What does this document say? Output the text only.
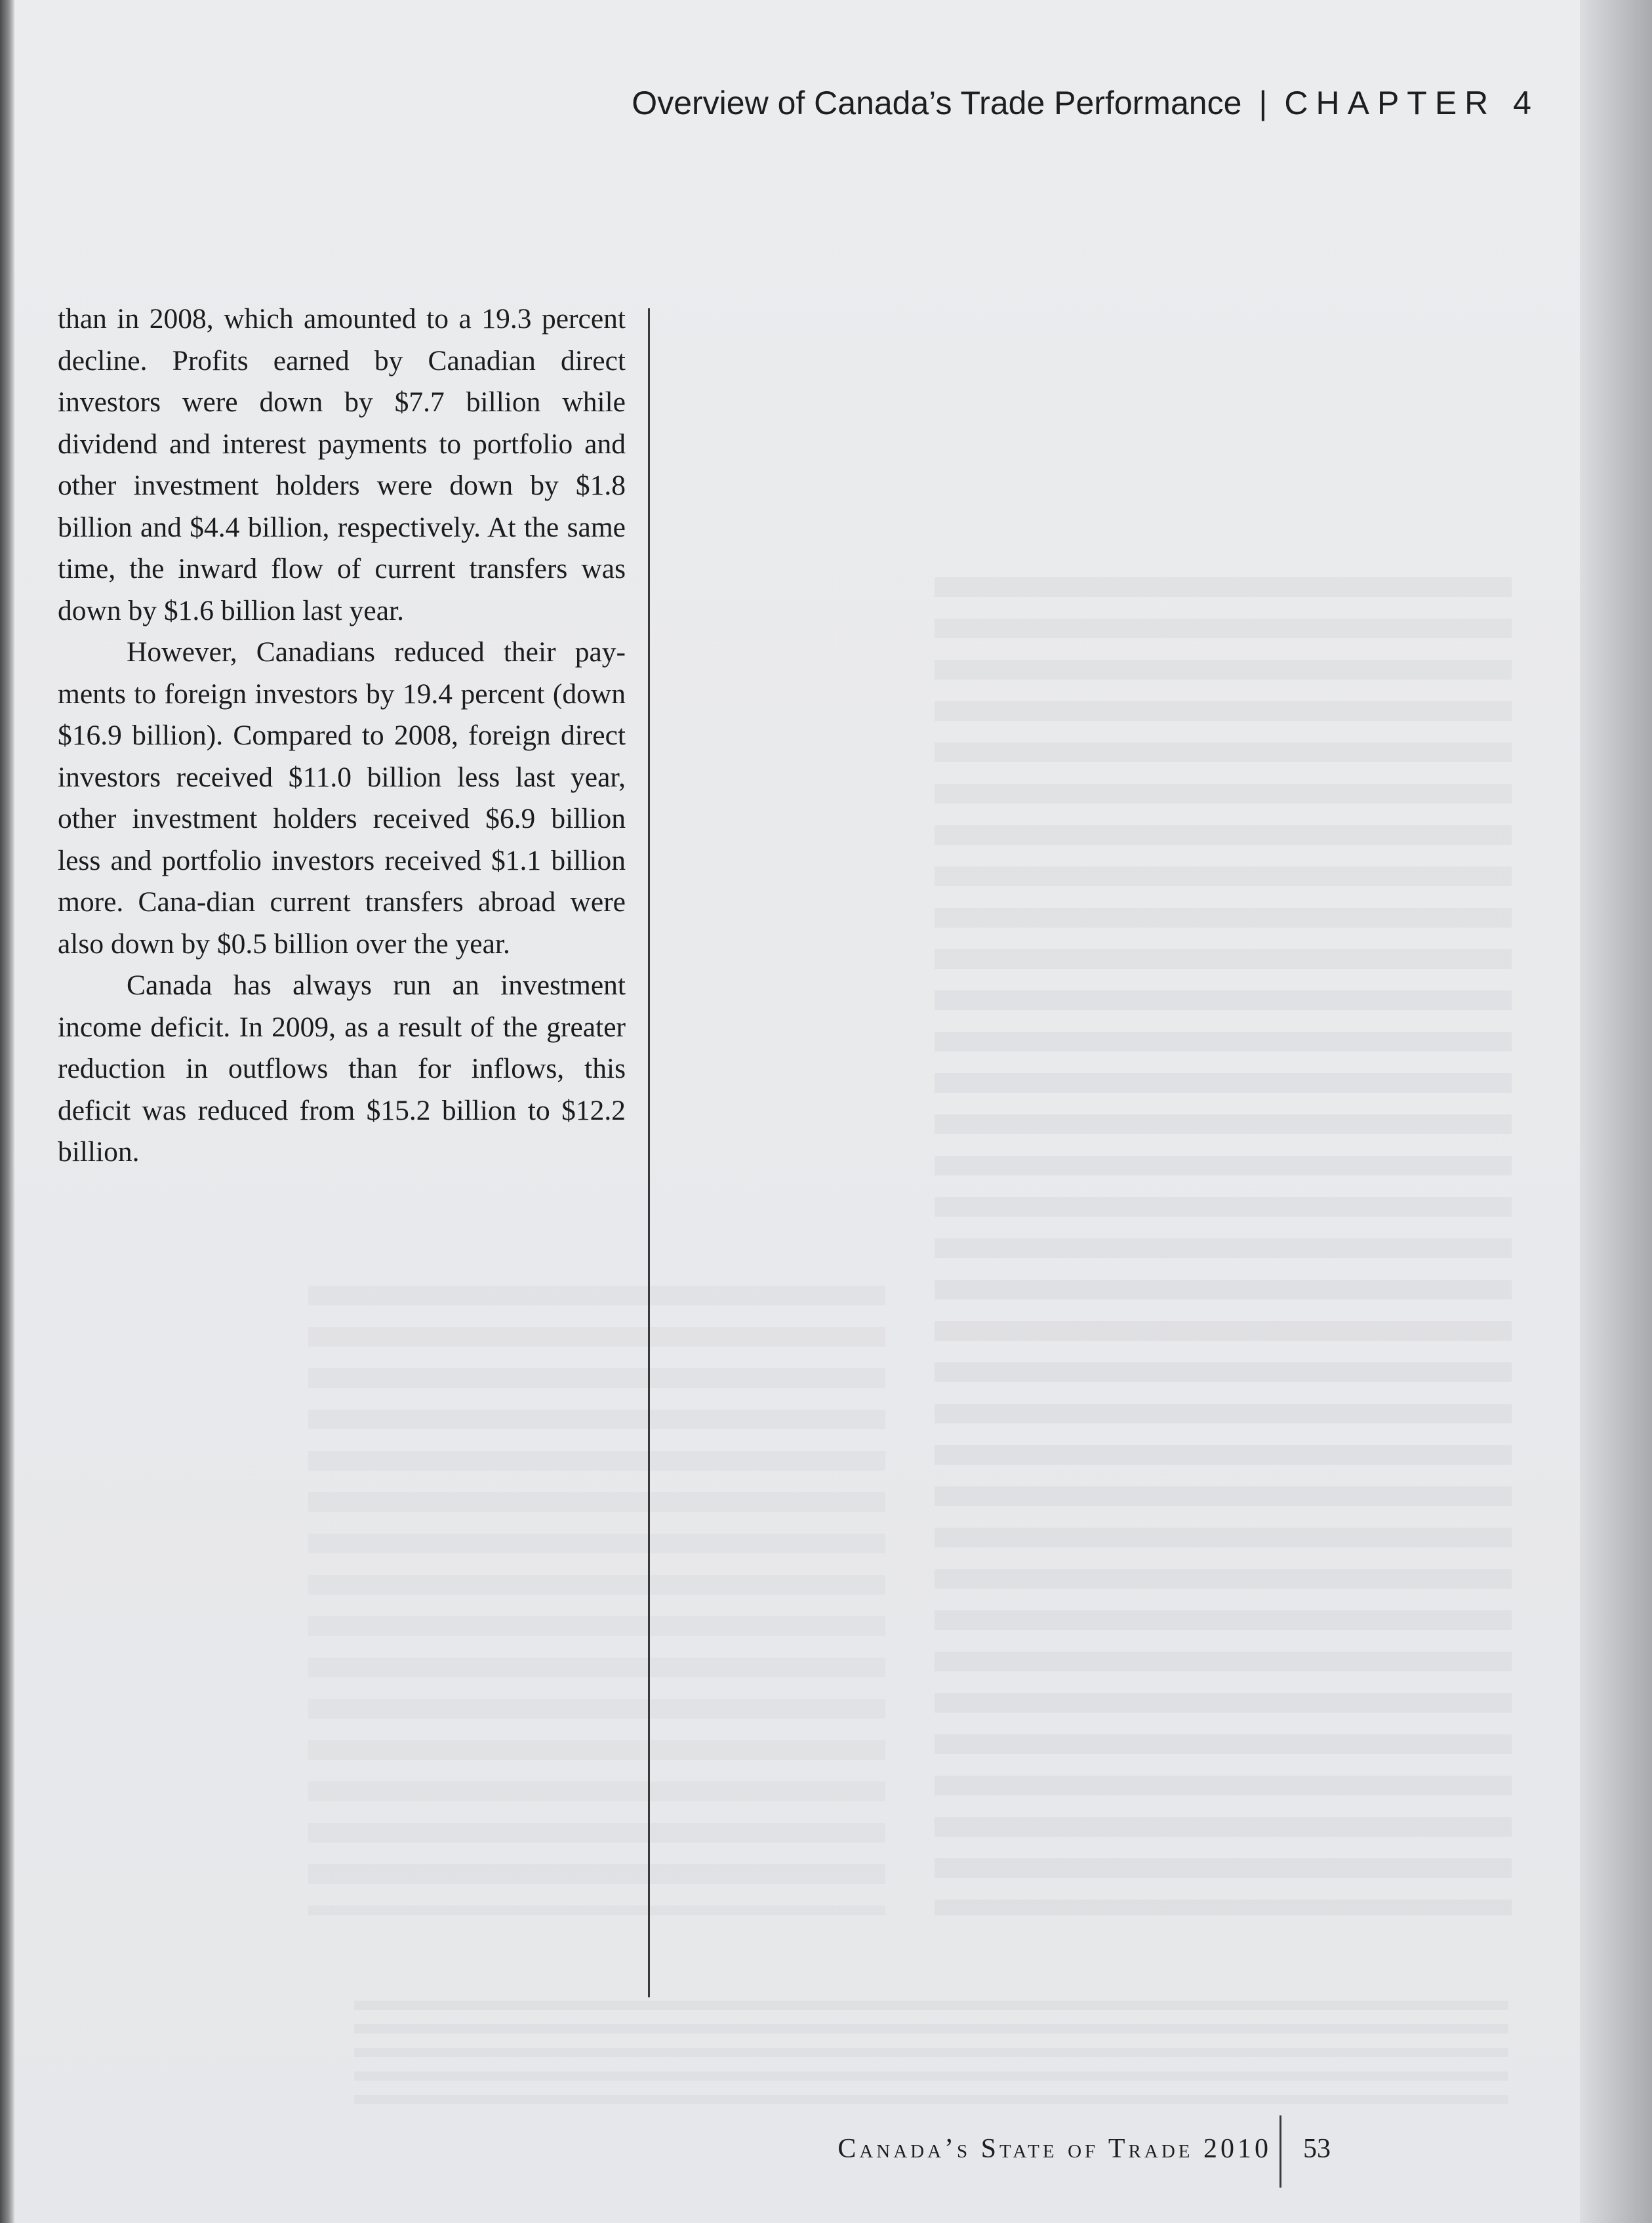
Overview of Canada’s Trade Performance | CHAPTER 4

than in 2008, which amounted to a 19.3 percent decline. Profits earned by Canadian direct investors were down by $7.7 billion while dividend and interest payments to portfolio and other investment holders were down by $1.8 billion and $4.4 billion, respectively. At the same time, the inward flow of current transfers was down by $1.6 billion last year.

However, Canadians reduced their pay-ments to foreign investors by 19.4 percent (down $16.9 billion). Compared to 2008, foreign direct investors received $11.0 billion less last year, other investment holders received $6.9 billion less and portfolio investors received $1.1 billion more. Cana-dian current transfers abroad were also down by $0.5 billion over the year.

Canada has always run an investment income deficit. In 2009, as a result of the greater reduction in outflows than for inflows, this deficit was reduced from $15.2 billion to $12.2 billion.

Canada’s State of Trade 2010 53
